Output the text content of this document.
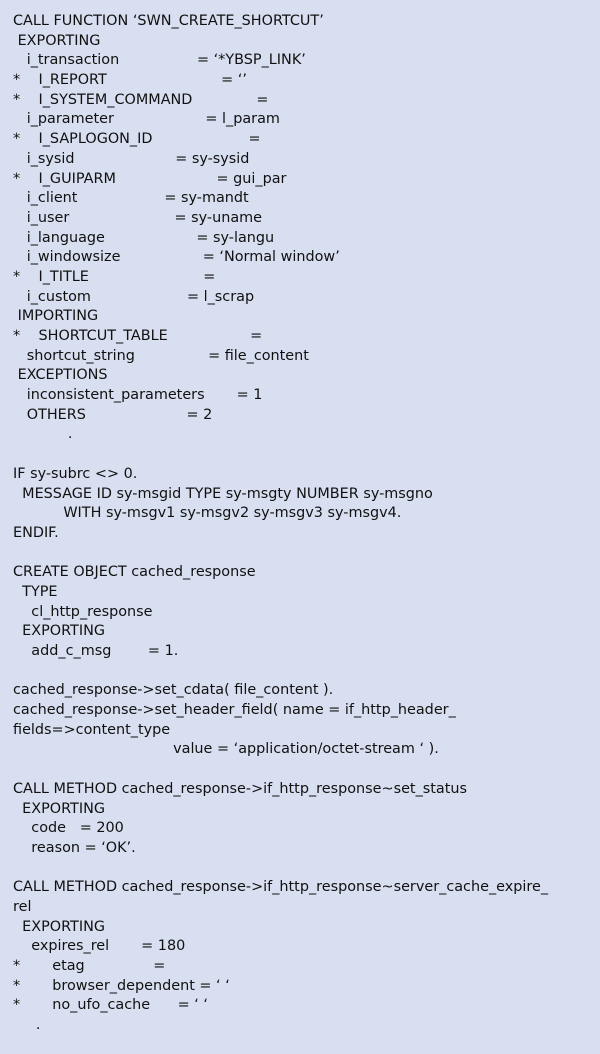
CALL FUNCTION ‘SWN_CREATE_SHORTCUT’
EXPORTING
i_transaction                 = ‘*YBSP_LINK’
*    I_REPORT                         = ‘’
*    I_SYSTEM_COMMAND              =
i_parameter                    = l_param
*    I_SAPLOGON_ID                     =
i_sysid                      = sy-sysid
*    I_GUIPARM                      = gui_par
i_client                   = sy-mandt
i_user                       = sy-uname
i_language                    = sy-langu
i_windowsize                  = ‘Normal window’
*    I_TITLE                         =
i_custom                     = l_scrap
IMPORTING
*    SHORTCUT_TABLE                  =
shortcut_string                = file_content
EXCEPTIONS
inconsistent_parameters       = 1
OTHERS                      = 2
.
IF sy-subrc <> 0.
MESSAGE ID sy-msgid TYPE sy-msgty NUMBER sy-msgno
WITH sy-msgv1 sy-msgv2 sy-msgv3 sy-msgv4.
ENDIF.
CREATE OBJECT cached_response
TYPE
cl_http_response
EXPORTING
add_c_msg        = 1.
cached_response->set_cdata( file_content ).
cached_response->set_header_field( name = if_http_header_
fields=>content_type
value = ‘application/octet-stream ‘ ).
CALL METHOD cached_response->if_http_response~set_status
EXPORTING
code   = 200
reason = ‘OK’.
CALL METHOD cached_response->if_http_response~server_cache_expire_
rel
EXPORTING
expires_rel       = 180
*       etag               =
*       browser_dependent = ‘ ‘
*       no_ufo_cache      = ‘ ‘
.
